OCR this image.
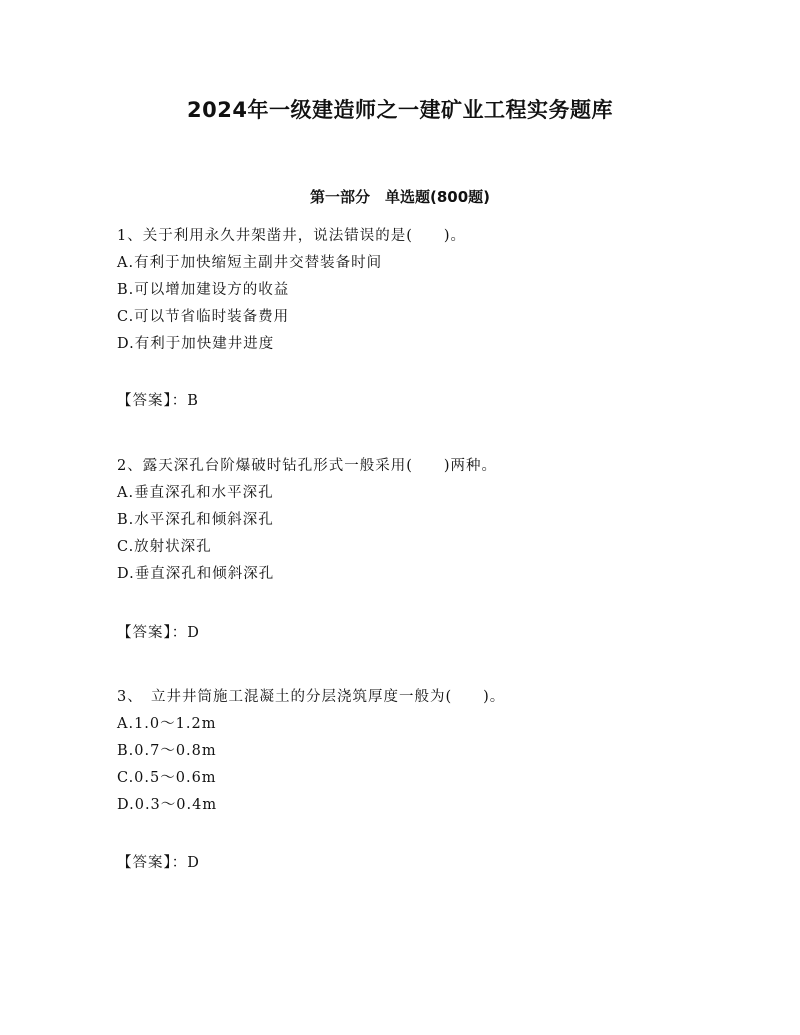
2024年一级建造师之一建矿业工程实务题库
第一部分　单选题(800题)
1、关于利用永久井架凿井，说法错误的是(　　)。
A.有利于加快缩短主副井交替装备时间
B.可以增加建设方的收益
C.可以节省临时装备费用
D.有利于加快建井进度
【答案】：B
2、露天深孔台阶爆破时钻孔形式一般采用(　　)两种。
A.垂直深孔和水平深孔
B.水平深孔和倾斜深孔
C.放射状深孔
D.垂直深孔和倾斜深孔
【答案】：D
3、　立井井筒施工混凝土的分层浇筑厚度一般为(　　)。
A.1.0～1.2m
B.0.7～0.8m
C.0.5～0.6m
D.0.3～0.4m
【答案】：D
